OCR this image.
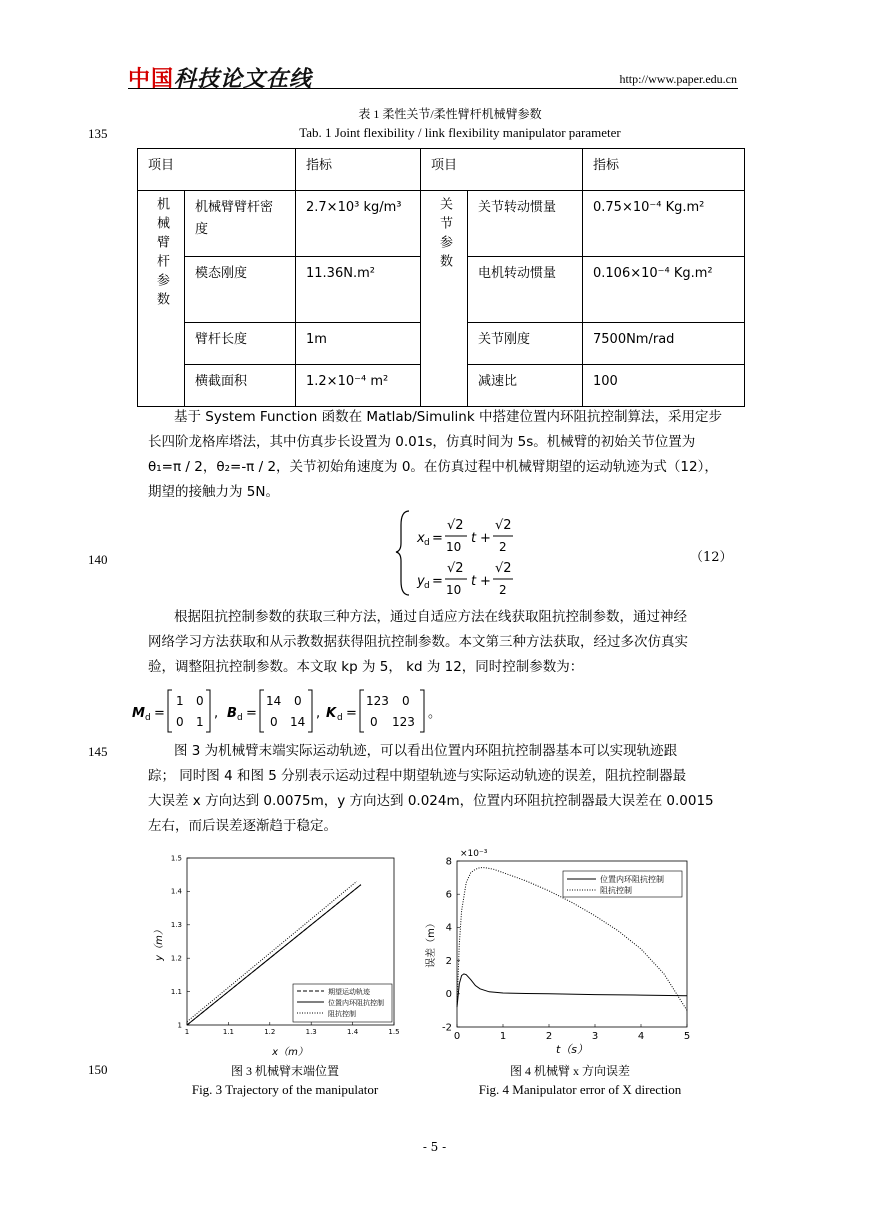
中国科技论文在线	http://www.paper.edu.cn
表 1 柔性关节/柔性臂杆机械臂参数
135	Tab. 1 Joint flexibility / link flexibility manipulator parameter
项目		指标	项目		指标
机械臂杆参数	机械臂臂杆密度	2.7×10³ kg/m³	关节参数	关节转动惯量	0.75×10⁻⁴ Kg.m²
	模态刚度	11.36N.m²		电机转动惯量	0.106×10⁻⁴ Kg.m²
	臂杆长度	1m		关节刚度	7500Nm/rad
	横截面积	1.2×10⁻⁴ m²		减速比	100
基于 System Function 函数在 Matlab/Simulink 中搭建位置内环阻抗控制算法，采用定步
长四阶龙格库塔法，其中仿真步长设置为 0.01s，仿真时间为 5s。机械臂的初始关节位置为
θ₁=π / 2，θ₂=-π / 2，关节初始角速度为 0。在仿真过程中机械臂期望的运动轨迹为式（12），
期望的接触力为 5N。
140
x d =
√2
10
t +
√2
2
y d =
√2
10
t +
√2
2
（12）
根据阻抗控制参数的获取三种方法，通过自适应方法在线获取阻抗控制参数，通过神经
网络学习方法获取和从示教数据获得阻抗控制参数。本文第三种方法获取，经过多次仿真实
验，调整阻抗控制参数。本文取 kp 为 5， kd 为 12，同时控制参数为：
M d =
1 0
0 1
, B d =
14 0
0 14
, K d =
123 0
0 123
。
145	图 3 为机械臂末端实际运动轨迹，可以看出位置内环阻抗控制器基本可以实现轨迹跟
踪； 同时图 4 和图 5 分别表示运动过程中期望轨迹与实际运动轨迹的误差，阻抗控制器最
大误差 x 方向达到 0.0075m，y 方向达到 0.024m，位置内环阻抗控制器最大误差在 0.0015
左右，而后误差逐渐趋于稳定。
1	1.1	1.2	1.3	1.4	1.5
1
1.1
1.2
1.3
1.4
1.5
期望运动轨迹
位置内环阻抗控制
阻抗控制
x（m）
y（m）
×10⁻³
0	1	2	3	4	5
-2
0
2
4
6
8
位置内环阻抗控制
阻抗控制
t（s）
误差（m）
150	图 3 机械臂末端位置
Fig. 3 Trajectory of the manipulator
图 4 机械臂 x 方向误差
Fig. 4 Manipulator error of X direction
- 5 -
